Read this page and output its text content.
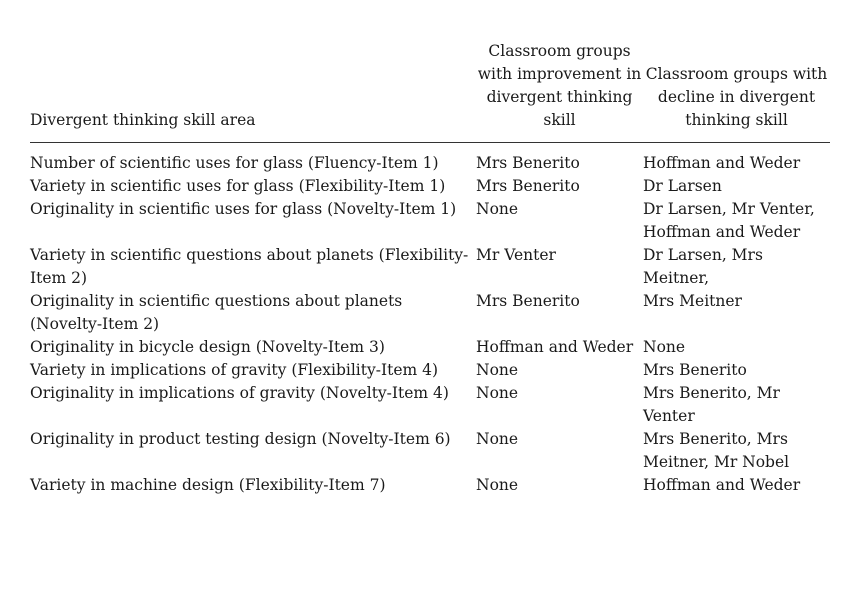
Divergent thinking skill area	Classroom groups with improvement in divergent thinking skill	Classroom groups with decline in divergent thinking skill
Number of scientific uses for glass (Fluency-Item 1)	Mrs Benerito	Hoffman and Weder
Variety in scientific uses for glass (Flexibility-Item 1)	Mrs Benerito	Dr Larsen
Originality in scientific uses for glass (Novelty-Item 1)	None	Dr Larsen, Mr Venter, Hoffman and Weder
Variety in scientific questions about planets (Flexibility-Item 2)	Mr Venter	Dr Larsen, Mrs Meitner,
Originality in scientific questions about planets (Novelty-Item 2)	Mrs Benerito	Mrs Meitner
Originality in bicycle design (Novelty-Item 3)	Hoffman and Weder	None
Variety in implications of gravity (Flexibility-Item 4)	None	Mrs Benerito
Originality in implications of gravity (Novelty-Item 4)	None	Mrs Benerito, Mr Venter
Originality in product testing design (Novelty-Item 6)	None	Mrs Benerito, Mrs Meitner, Mr Nobel
Variety in machine design (Flexibility-Item 7)	None	Hoffman and Weder
